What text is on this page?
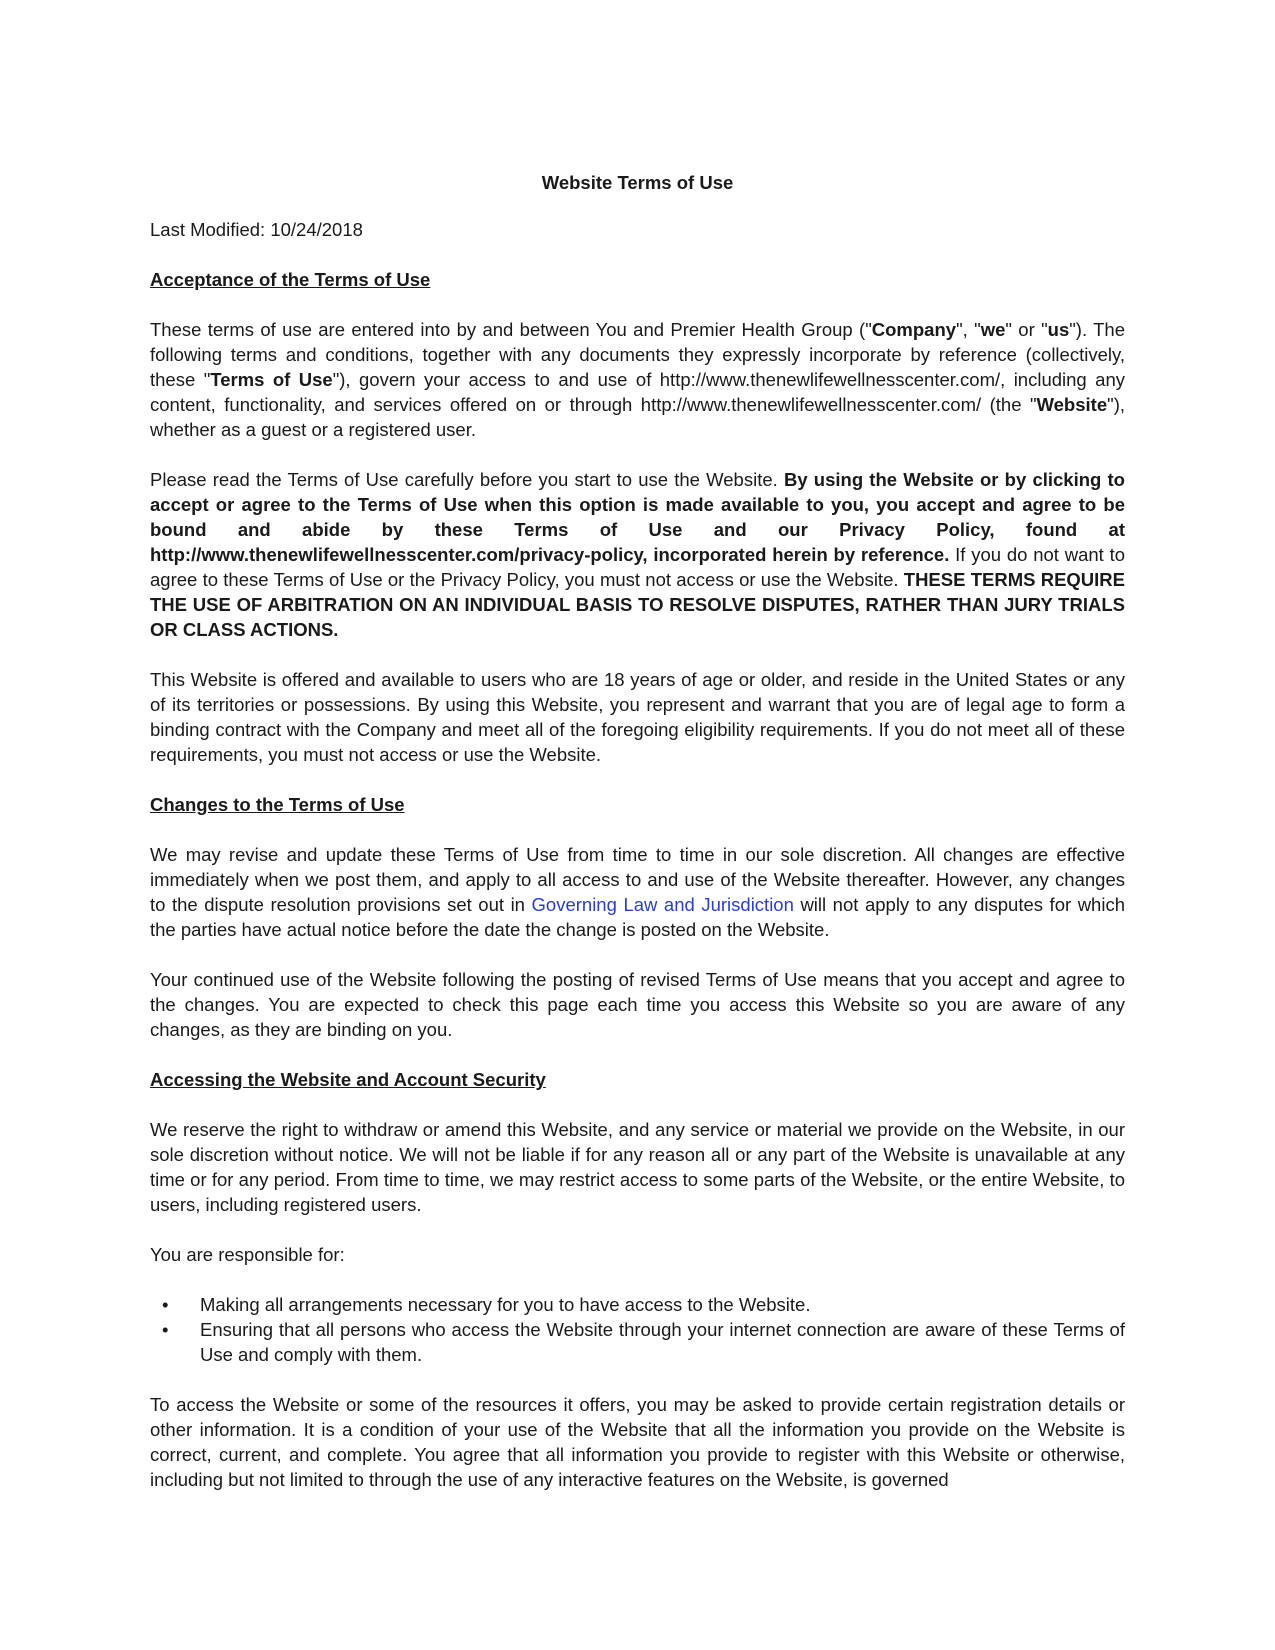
Website Terms of Use

Last Modified: 10/24/2018

Acceptance of the Terms of Use

These terms of use are entered into by and between You and Premier Health Group ("Company", "we" or "us"). The following terms and conditions, together with any documents they expressly incorporate by reference (collectively, these "Terms of Use"), govern your access to and use of http://www.thenewlifewellnesscenter.com/, including any content, functionality, and services offered on or through http://www.thenewlifewellnesscenter.com/ (the "Website"), whether as a guest or a registered user.

Please read the Terms of Use carefully before you start to use the Website. By using the Website or by clicking to accept or agree to the Terms of Use when this option is made available to you, you accept and agree to be bound and abide by these Terms of Use and our Privacy Policy, found at http://www.thenewlifewellnesscenter.com/privacy-policy, incorporated herein by reference. If you do not want to agree to these Terms of Use or the Privacy Policy, you must not access or use the Website. THESE TERMS REQUIRE THE USE OF ARBITRATION ON AN INDIVIDUAL BASIS TO RESOLVE DISPUTES, RATHER THAN JURY TRIALS OR CLASS ACTIONS.

This Website is offered and available to users who are 18 years of age or older, and reside in the United States or any of its territories or possessions. By using this Website, you represent and warrant that you are of legal age to form a binding contract with the Company and meet all of the foregoing eligibility requirements. If you do not meet all of these requirements, you must not access or use the Website.

Changes to the Terms of Use

We may revise and update these Terms of Use from time to time in our sole discretion. All changes are effective immediately when we post them, and apply to all access to and use of the Website thereafter. However, any changes to the dispute resolution provisions set out in Governing Law and Jurisdiction will not apply to any disputes for which the parties have actual notice before the date the change is posted on the Website.

Your continued use of the Website following the posting of revised Terms of Use means that you accept and agree to the changes. You are expected to check this page each time you access this Website so you are aware of any changes, as they are binding on you.

Accessing the Website and Account Security

We reserve the right to withdraw or amend this Website, and any service or material we provide on the Website, in our sole discretion without notice. We will not be liable if for any reason all or any part of the Website is unavailable at any time or for any period. From time to time, we may restrict access to some parts of the Website, or the entire Website, to users, including registered users.

You are responsible for:

• Making all arrangements necessary for you to have access to the Website.
• Ensuring that all persons who access the Website through your internet connection are aware of these Terms of Use and comply with them.

To access the Website or some of the resources it offers, you may be asked to provide certain registration details or other information. It is a condition of your use of the Website that all the information you provide on the Website is correct, current, and complete. You agree that all information you provide to register with this Website or otherwise, including but not limited to through the use of any interactive features on the Website, is governed
